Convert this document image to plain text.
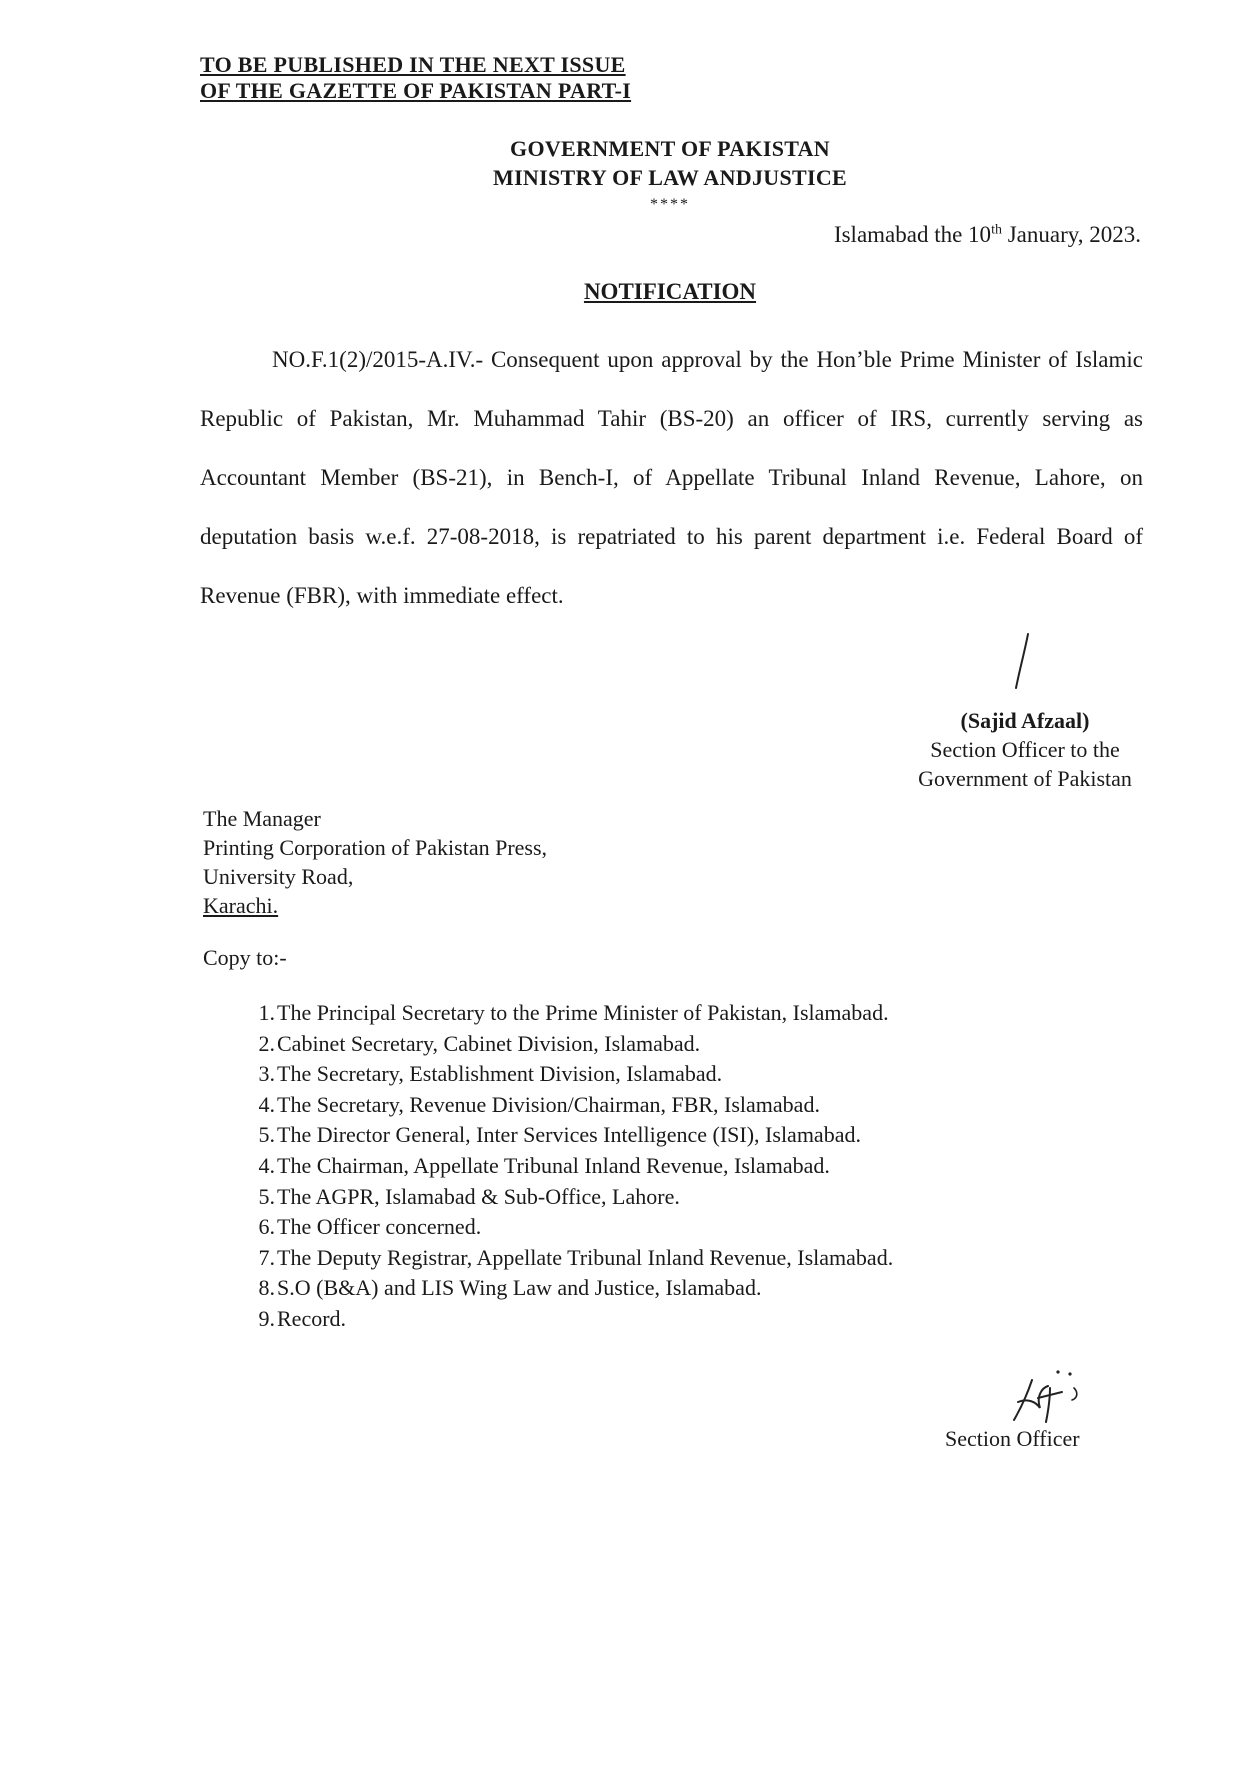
TO BE PUBLISHED IN THE NEXT ISSUE
OF THE GAZETTE OF PAKISTAN PART-I
GOVERNMENT OF PAKISTAN
MINISTRY OF LAW ANDJUSTICE
****
Islamabad the 10th January, 2023.
NOTIFICATION
NO.F.1(2)/2015-A.IV.- Consequent upon approval by the Hon’ble Prime Minister of Islamic Republic of Pakistan, Mr. Muhammad Tahir (BS-20) an officer of IRS, currently serving as Accountant Member (BS-21), in Bench-I, of Appellate Tribunal Inland Revenue, Lahore, on deputation basis w.e.f. 27-08-2018, is repatriated to his parent department i.e. Federal Board of Revenue (FBR), with immediate effect.
(Sajid Afzaal)
Section Officer to the
Government of Pakistan
The Manager
Printing Corporation of Pakistan Press,
University Road,
Karachi.
Copy to:-
1. The Principal Secretary to the Prime Minister of Pakistan, Islamabad.
2. Cabinet Secretary, Cabinet Division, Islamabad.
3. The Secretary, Establishment Division, Islamabad.
4. The Secretary, Revenue Division/Chairman, FBR, Islamabad.
5. The Director General, Inter Services Intelligence (ISI), Islamabad.
4. The Chairman, Appellate Tribunal Inland Revenue, Islamabad.
5. The AGPR, Islamabad & Sub-Office, Lahore.
6. The Officer concerned.
7. The Deputy Registrar, Appellate Tribunal Inland Revenue, Islamabad.
8. S.O (B&A) and LIS Wing Law and Justice, Islamabad.
9. Record.
Section Officer
